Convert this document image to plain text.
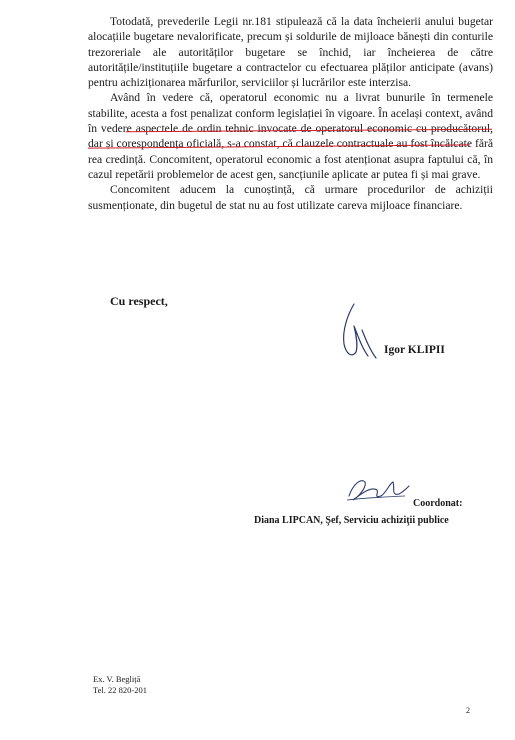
Totodată, prevederile Legii nr.181 stipulează că la data încheierii anului bugetar alocațiile bugetare nevalorificate, precum și soldurile de mijloace bănești din conturile trezoreriale ale autorităților bugetare se închid, iar încheierea de către autoritățile/instituțiile bugetare a contractelor cu efectuarea plăților anticipate (avans) pentru achiziționarea mărfurilor, serviciilor și lucrărilor este interzisa.

Având în vedere că, operatorul economic nu a livrat bunurile în termenele stabilite, acesta a fost penalizat conform legislației în vigoare. În același context, având în vedere aspectele de ordin tehnic invocate de operatorul economic cu producătorul, dar și corespondența oficială, s-a constat, că clauzele contractuale au fost încălcate fără rea credință. Concomitent, operatorul economic a fost atenționat asupra faptului că, în cazul repetării problemelor de acest gen, sancțiunile aplicate ar putea fi și mai grave.

Concomitent aducem la cunoștință, că urmare procedurilor de achiziții susmenționate, din bugetul de stat nu au fost utilizate careva mijloace financiare.

Cu respect,
Igor KLIPII
Coordonat:
Diana LIPCAN, Şef, Serviciu achiziţii publice
Ex. V. Begliță
Tel. 22 820-201
2
